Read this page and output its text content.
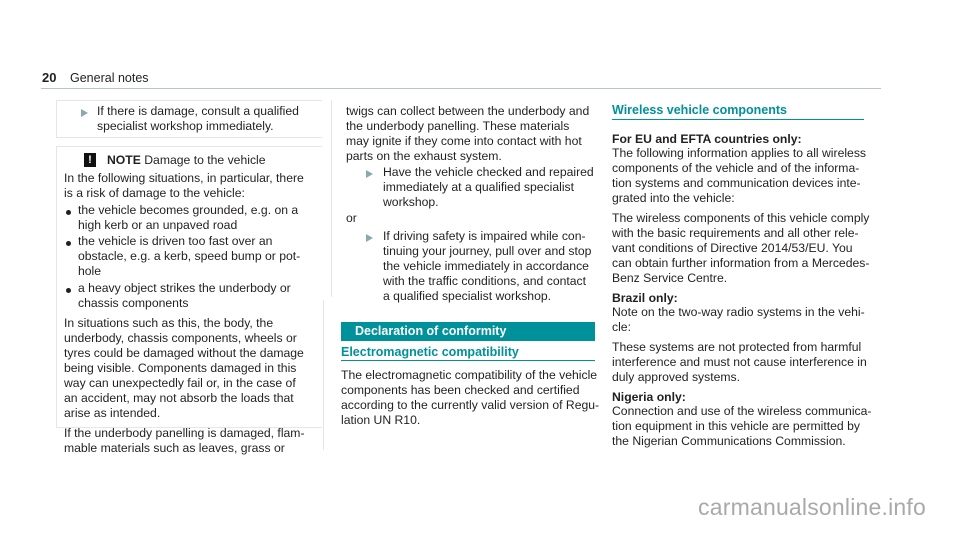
20 General notes
If there is damage, consult a qualified
specialist workshop immediately.
!	NOTE Damage to the vehicle
In the following situations, in particular, there
is a risk of damage to the vehicle:
the vehicle becomes grounded, e.g. on a
high kerb or an unpaved road
the vehicle is driven too fast over an
obstacle, e.g. a kerb, speed bump or pot-
hole
a heavy object strikes the underbody or
chassis components
In situations such as this, the body, the
underbody, chassis components, wheels or
tyres could be damaged without the damage
being visible. Components damaged in this
way can unexpectedly fail or, in the case of
an accident, may not absorb the loads that
arise as intended.
If the underbody panelling is damaged, flam-
mable materials such as leaves, grass or
twigs can collect between the underbody and
the underbody panelling. These materials
may ignite if they come into contact with hot
parts on the exhaust system.
Have the vehicle checked and repaired
immediately at a qualified specialist
workshop.
or
If driving safety is impaired while con-
tinuing your journey, pull over and stop
the vehicle immediately in accordance
with the traffic conditions, and contact
a qualified specialist workshop.
Declaration of conformity
Electromagnetic compatibility
The electromagnetic compatibility of the vehicle
components has been checked and certified
according to the currently valid version of Regu-
lation UN R10.
Wireless vehicle components
For EU and EFTA countries only:
The following information applies to all wireless
components of the vehicle and of the informa-
tion systems and communication devices inte-
grated into the vehicle:
The wireless components of this vehicle comply
with the basic requirements and all other rele-
vant conditions of Directive 2014/53/EU. You
can obtain further information from a Mercedes-
Benz Service Centre.
Brazil only:
Note on the two-way radio systems in the vehi-
cle:
These systems are not protected from harmful
interference and must not cause interference in
duly approved systems.
Nigeria only:
Connection and use of the wireless communica-
tion equipment in this vehicle are permitted by
the Nigerian Communications Commission.
carmanualsonline.info
